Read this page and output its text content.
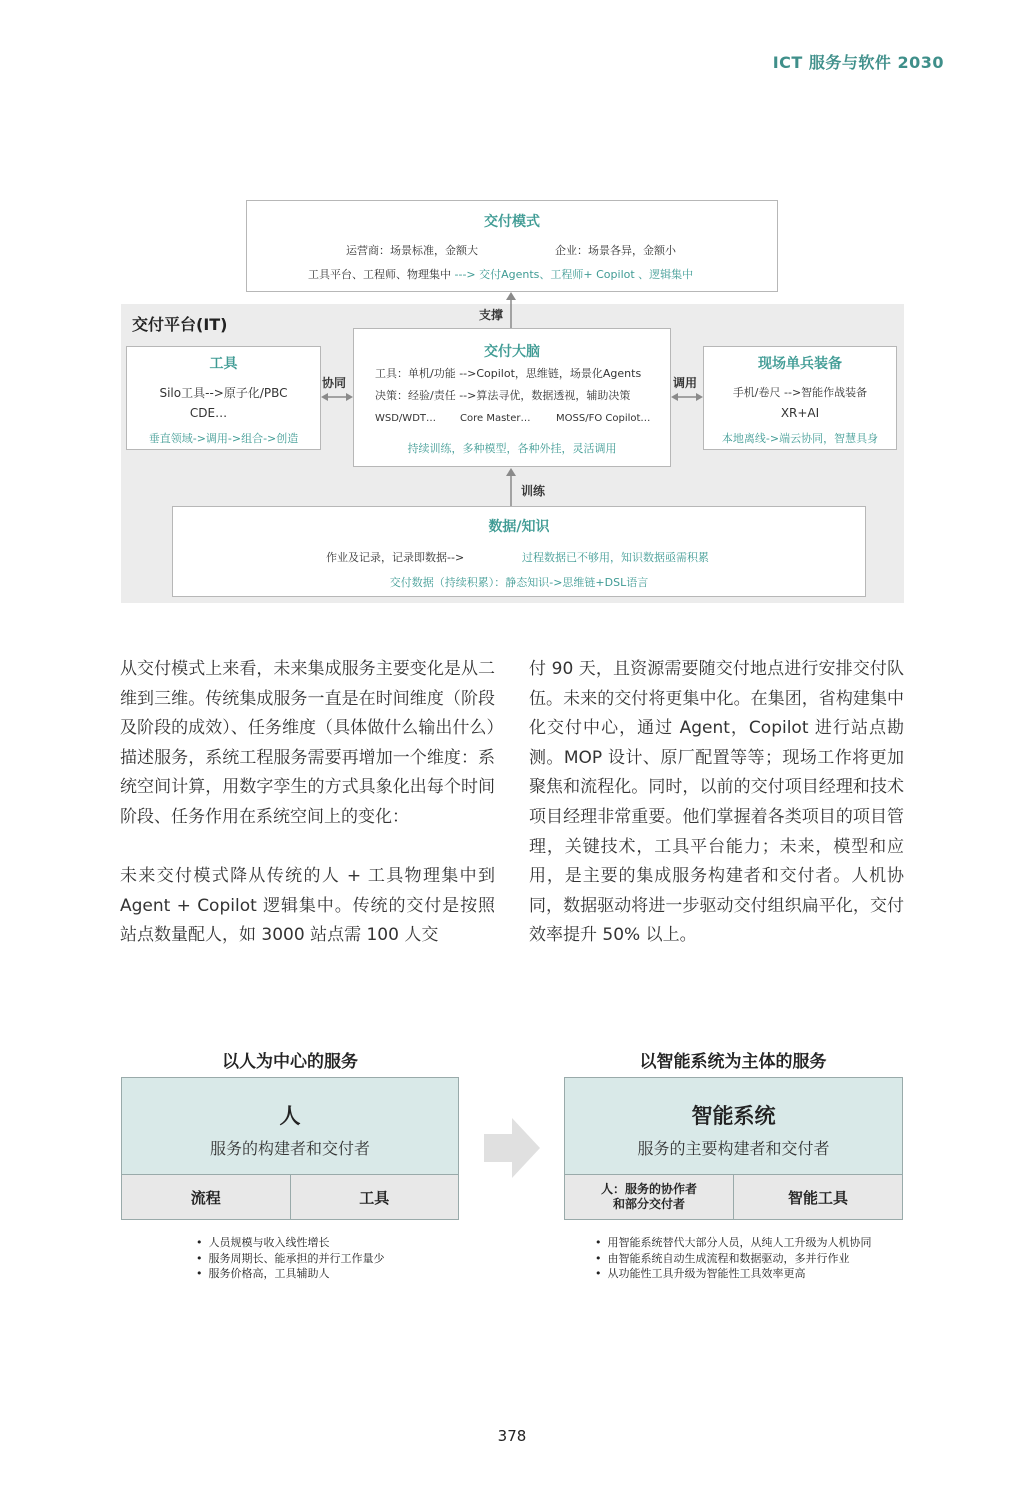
ICT 服务与软件 2030
交付模式
运营商：场景标准，金额大	企业：场景各异，金额小
工具平台、工程师、物理集中 ---> 交付Agents、工程师+ Copilot 、逻辑集中
支撑
交付平台(IT)
工具
Silo工具-->原子化/PBC
CDE…
垂直领域->调用->组合->创造
协同
交付大脑
工具：单机/功能 -->Copilot，思维链，场景化Agents
决策：经验/责任 -->算法寻优，数据透视，辅助决策
WSD/WDT… Core Master…	MOSS/FO Copilot…
持续训练，多种模型，各种外挂，灵活调用
调用
现场单兵装备
手机/卷尺 -->智能作战装备
XR+AI
本地离线->端云协同，智慧具身
训练
数据/知识
作业及记录，记录即数据-->	过程数据已不够用，知识数据亟需积累
交付数据（持续积累）：静态知识->思维链+DSL语言

从交付模式上来看，未来集成服务主要变化是从二维到三维。传统集成服务一直是在时间维度（阶段及阶段的成效）、任务维度（具体做什么输出什么）描述服务，系统工程服务需要再增加一个维度：系统空间计算，用数字孪生的方式具象化出每个时间阶段、任务作用在系统空间上的变化：

未来交付模式降从传统的人 + 工具物理集中到 Agent + Copilot 逻辑集中。传统的交付是按照站点数量配人，如 3000 站点需 100 人交

付 90 天，且资源需要随交付地点进行安排交付队伍。未来的交付将更集中化。在集团，省构建集中化交付中心，通过 Agent，Copilot 进行站点勘测。MOP 设计、原厂配置等等；现场工作将更加聚焦和流程化。同时，以前的交付项目经理和技术项目经理非常重要。他们掌握着各类项目的项目管理，关键技术，工具平台能力；未来，模型和应用，是主要的集成服务构建者和交付者。人机协同，数据驱动将进一步驱动交付组织扁平化，交付效率提升 50% 以上。

以人为中心的服务
人
服务的构建者和交付者
流程	工具
• 人员规模与收入线性增长
• 服务周期长、能承担的并行工作量少
• 服务价格高，工具辅助人
以智能系统为主体的服务
智能系统
服务的主要构建者和交付者
人：服务的协作者
和部分交付者	智能工具
• 用智能系统替代大部分人员，从纯人工升级为人机协同
• 由智能系统自动生成流程和数据驱动，多并行作业
• 从功能性工具升级为智能性工具效率更高
378
